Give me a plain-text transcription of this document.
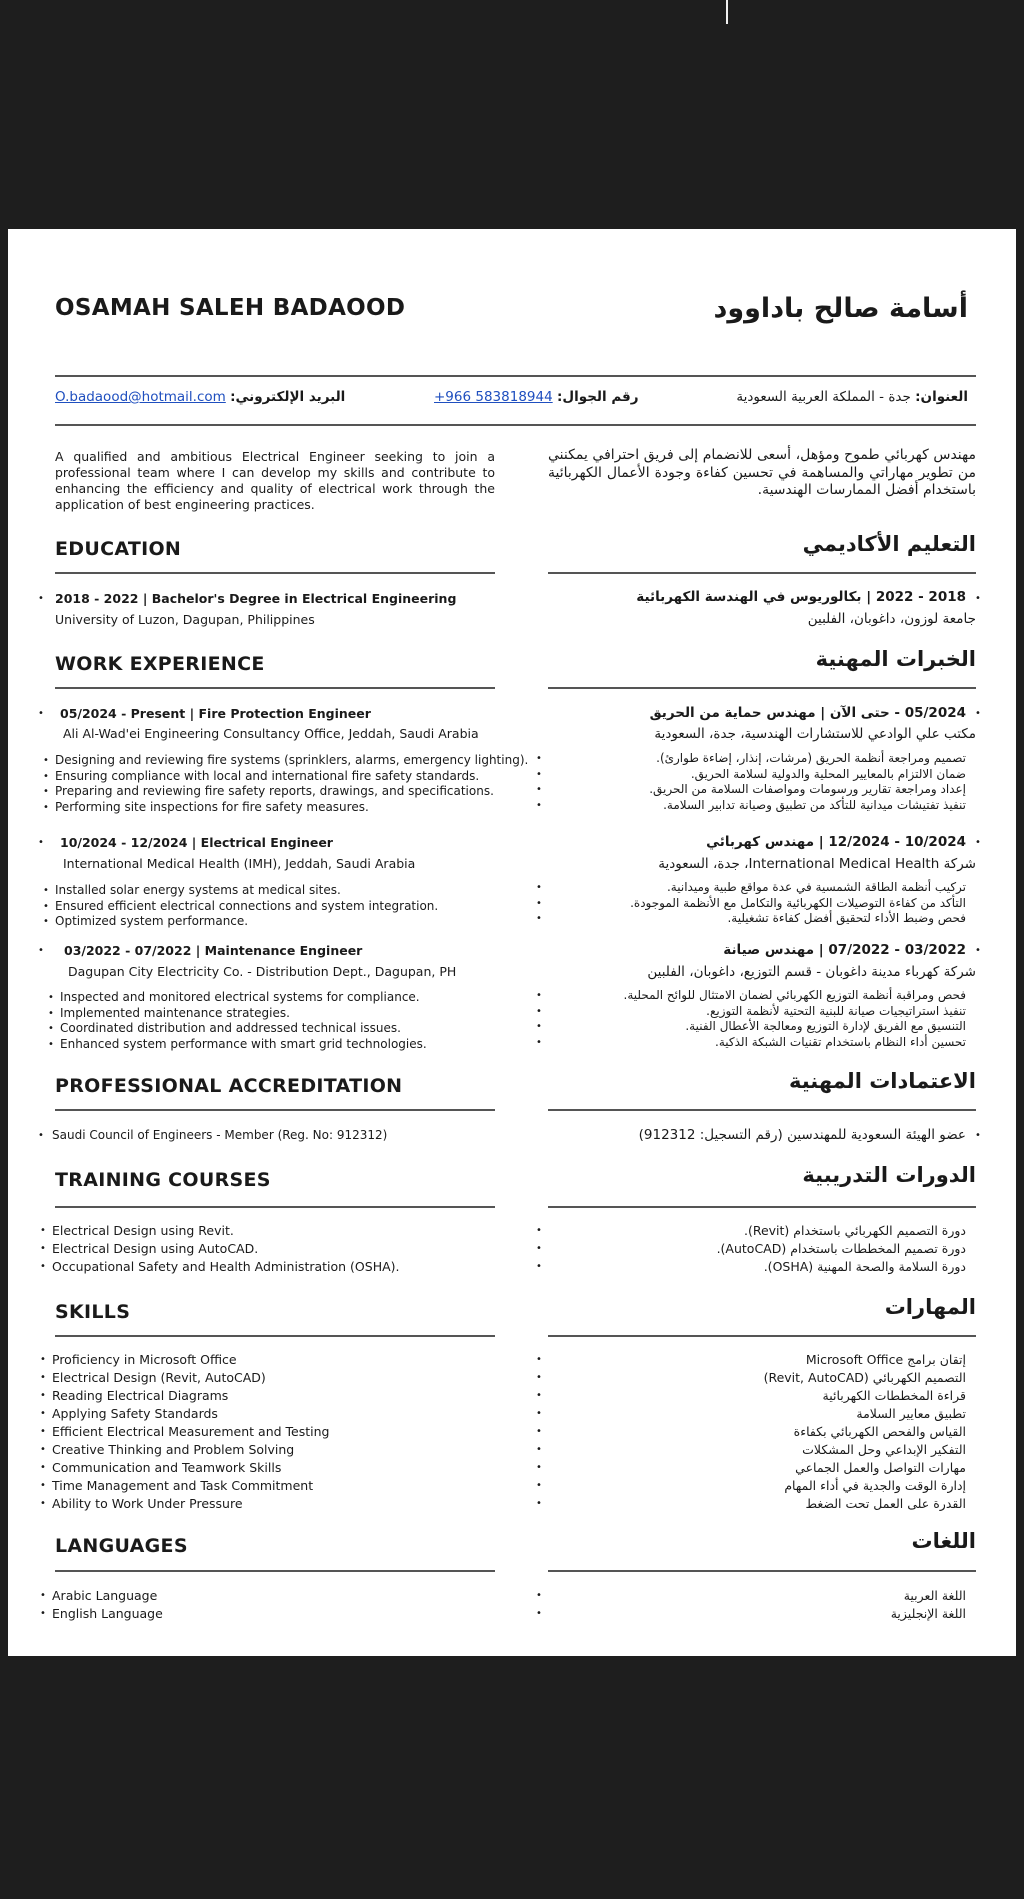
OSAMAH SALEH BADAOOD	أسامة صالح باداوود
العنوان: جدة - المملكة العربية السعودية
رقم الجوال: +966 583818944
البريد الإلكتروني: O.badaood@hotmail.com
A qualified and ambitious Electrical Engineer seeking to join a professional team where I can develop my skills and contribute to enhancing the efficiency and quality of electrical work through the application of best engineering practices.
مهندس كهربائي طموح ومؤهل، أسعى للانضمام إلى فريق احترافي يمكنني من تطوير مهاراتي والمساهمة في تحسين كفاءة وجودة الأعمال الكهربائية باستخدام أفضل الممارسات الهندسية.
EDUCATION	التعليم الأكاديمي
• 2018 - 2022 | Bachelor's Degree in Electrical Engineering
University of Luzon, Dagupan, Philippines
•
2018 - 2022 | بكالوريوس في الهندسة الكهربائية
جامعة لوزون، داغوبان، الفلبين
WORK EXPERIENCE	الخبرات المهنية
• 05/2024 - Present | Fire Protection Engineer
Ali Al-Wad'ei Engineering Consultancy Office, Jeddah, Saudi Arabia
• Designing and reviewing fire systems (sprinklers, alarms, emergency lighting).
• Ensuring compliance with local and international fire safety standards.
• Preparing and reviewing fire safety reports, drawings, and specifications.
• Performing site inspections for fire safety measures.
•
05/2024 - حتى الآن | مهندس حماية من الحريق
مكتب علي الوادعي للاستشارات الهندسية، جدة، السعودية
• تصميم ومراجعة أنظمة الحريق (مرشات، إنذار، إضاءة طوارئ).
• ضمان الالتزام بالمعايير المحلية والدولية لسلامة الحريق.
• إعداد ومراجعة تقارير ورسومات ومواصفات السلامة من الحريق.
• تنفيذ تفتيشات ميدانية للتأكد من تطبيق وصيانة تدابير السلامة.
• 10/2024 - 12/2024 | Electrical Engineer
International Medical Health (IMH), Jeddah, Saudi Arabia
• Installed solar energy systems at medical sites.
• Ensured efficient electrical connections and system integration.
• Optimized system performance.
•
10/2024 - 12/2024 | مهندس كهربائي
شركة International Medical Health، جدة، السعودية
• تركيب أنظمة الطاقة الشمسية في عدة مواقع طبية وميدانية.
• التأكد من كفاءة التوصيلات الكهربائية والتكامل مع الأنظمة الموجودة.
• فحص وضبط الأداء لتحقيق أفضل كفاءة تشغيلية.
• 03/2022 - 07/2022 | Maintenance Engineer
Dagupan City Electricity Co. - Distribution Dept., Dagupan, PH
• Inspected and monitored electrical systems for compliance.
• Implemented maintenance strategies.
• Coordinated distribution and addressed technical issues.
• Enhanced system performance with smart grid technologies.
•
03/2022 - 07/2022 | مهندس صيانة
شركة كهرباء مدينة داغوبان - قسم التوزيع، داغوبان، الفلبين
• فحص ومراقبة أنظمة التوزيع الكهربائي لضمان الامتثال للوائح المحلية.
• تنفيذ استراتيجيات صيانة للبنية التحتية لأنظمة التوزيع.
• التنسيق مع الفريق لإدارة التوزيع ومعالجة الأعطال الفنية.
• تحسين أداء النظام باستخدام تقنيات الشبكة الذكية.
PROFESSIONAL ACCREDITATION	الاعتمادات المهنية
• Saudi Council of Engineers - Member (Reg. No: 912312)	•
عضو الهيئة السعودية للمهندسين (رقم التسجيل: 912312)
TRAINING COURSES	الدورات التدريبية
• Electrical Design using Revit.
• Electrical Design using AutoCAD.
• Occupational Safety and Health Administration (OSHA).
• دورة التصميم الكهربائي باستخدام (Revit).
• دورة تصميم المخططات باستخدام (AutoCAD).
• دورة السلامة والصحة المهنية (OSHA).
SKILLS	المهارات
• Proficiency in Microsoft Office
• Electrical Design (Revit, AutoCAD)
• Reading Electrical Diagrams
• Applying Safety Standards
• Efficient Electrical Measurement and Testing
• Creative Thinking and Problem Solving
• Communication and Teamwork Skills
• Time Management and Task Commitment
• Ability to Work Under Pressure
• إتقان برامج Microsoft Office
• التصميم الكهربائي (Revit, AutoCAD)
• قراءة المخططات الكهربائية
• تطبيق معايير السلامة
• القياس والفحص الكهربائي بكفاءة
• التفكير الإبداعي وحل المشكلات
• مهارات التواصل والعمل الجماعي
• إدارة الوقت والجدية في أداء المهام
• القدرة على العمل تحت الضغط
LANGUAGES	اللغات
• Arabic Language
• English Language
• اللغة العربية
• اللغة الإنجليزية
